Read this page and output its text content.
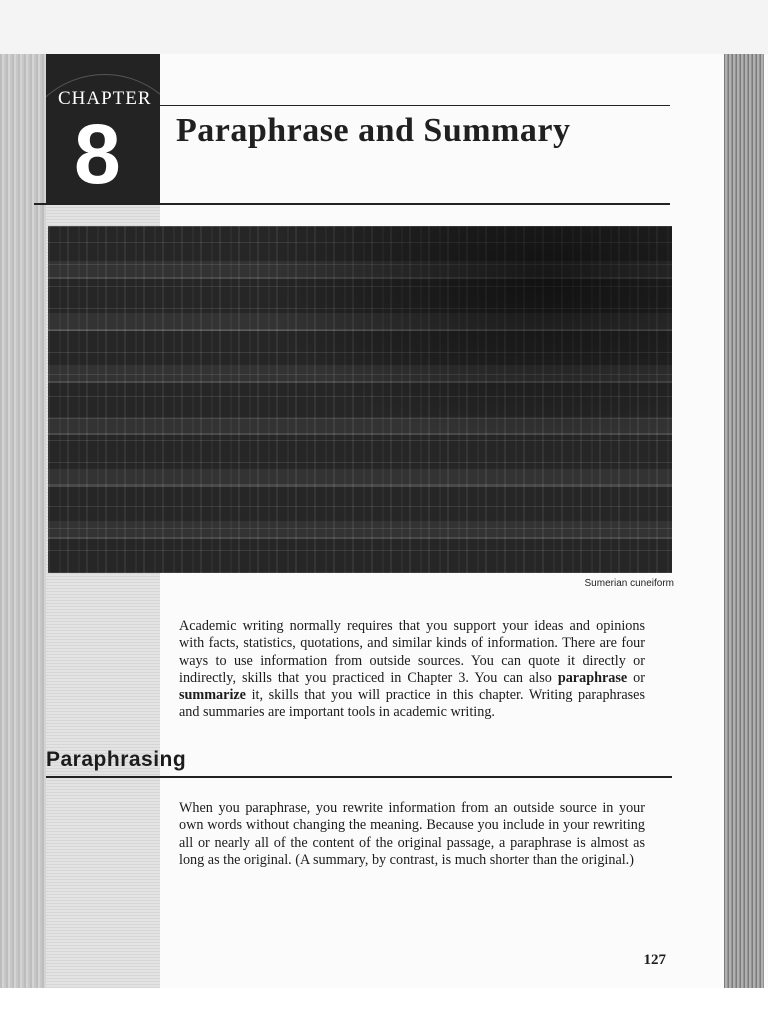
CHAPTER
8 Paraphrase and Summary
Sumerian cuneiform

Academic writing normally requires that you support your ideas and opinions with facts, statistics, quotations, and similar kinds of information. There are four ways to use information from outside sources. You can quote it directly or indirectly, skills that you practiced in Chapter 3. You can also paraphrase or summarize it, skills that you will practice in this chapter. Writing paraphrases and summaries are important tools in academic writing.

Paraphrasing

When you paraphrase, you rewrite information from an outside source in your own words without changing the meaning. Because you include in your rewriting all or nearly all of the content of the original passage, a paraphrase is almost as long as the original. (A summary, by contrast, is much shorter than the original.)

127
